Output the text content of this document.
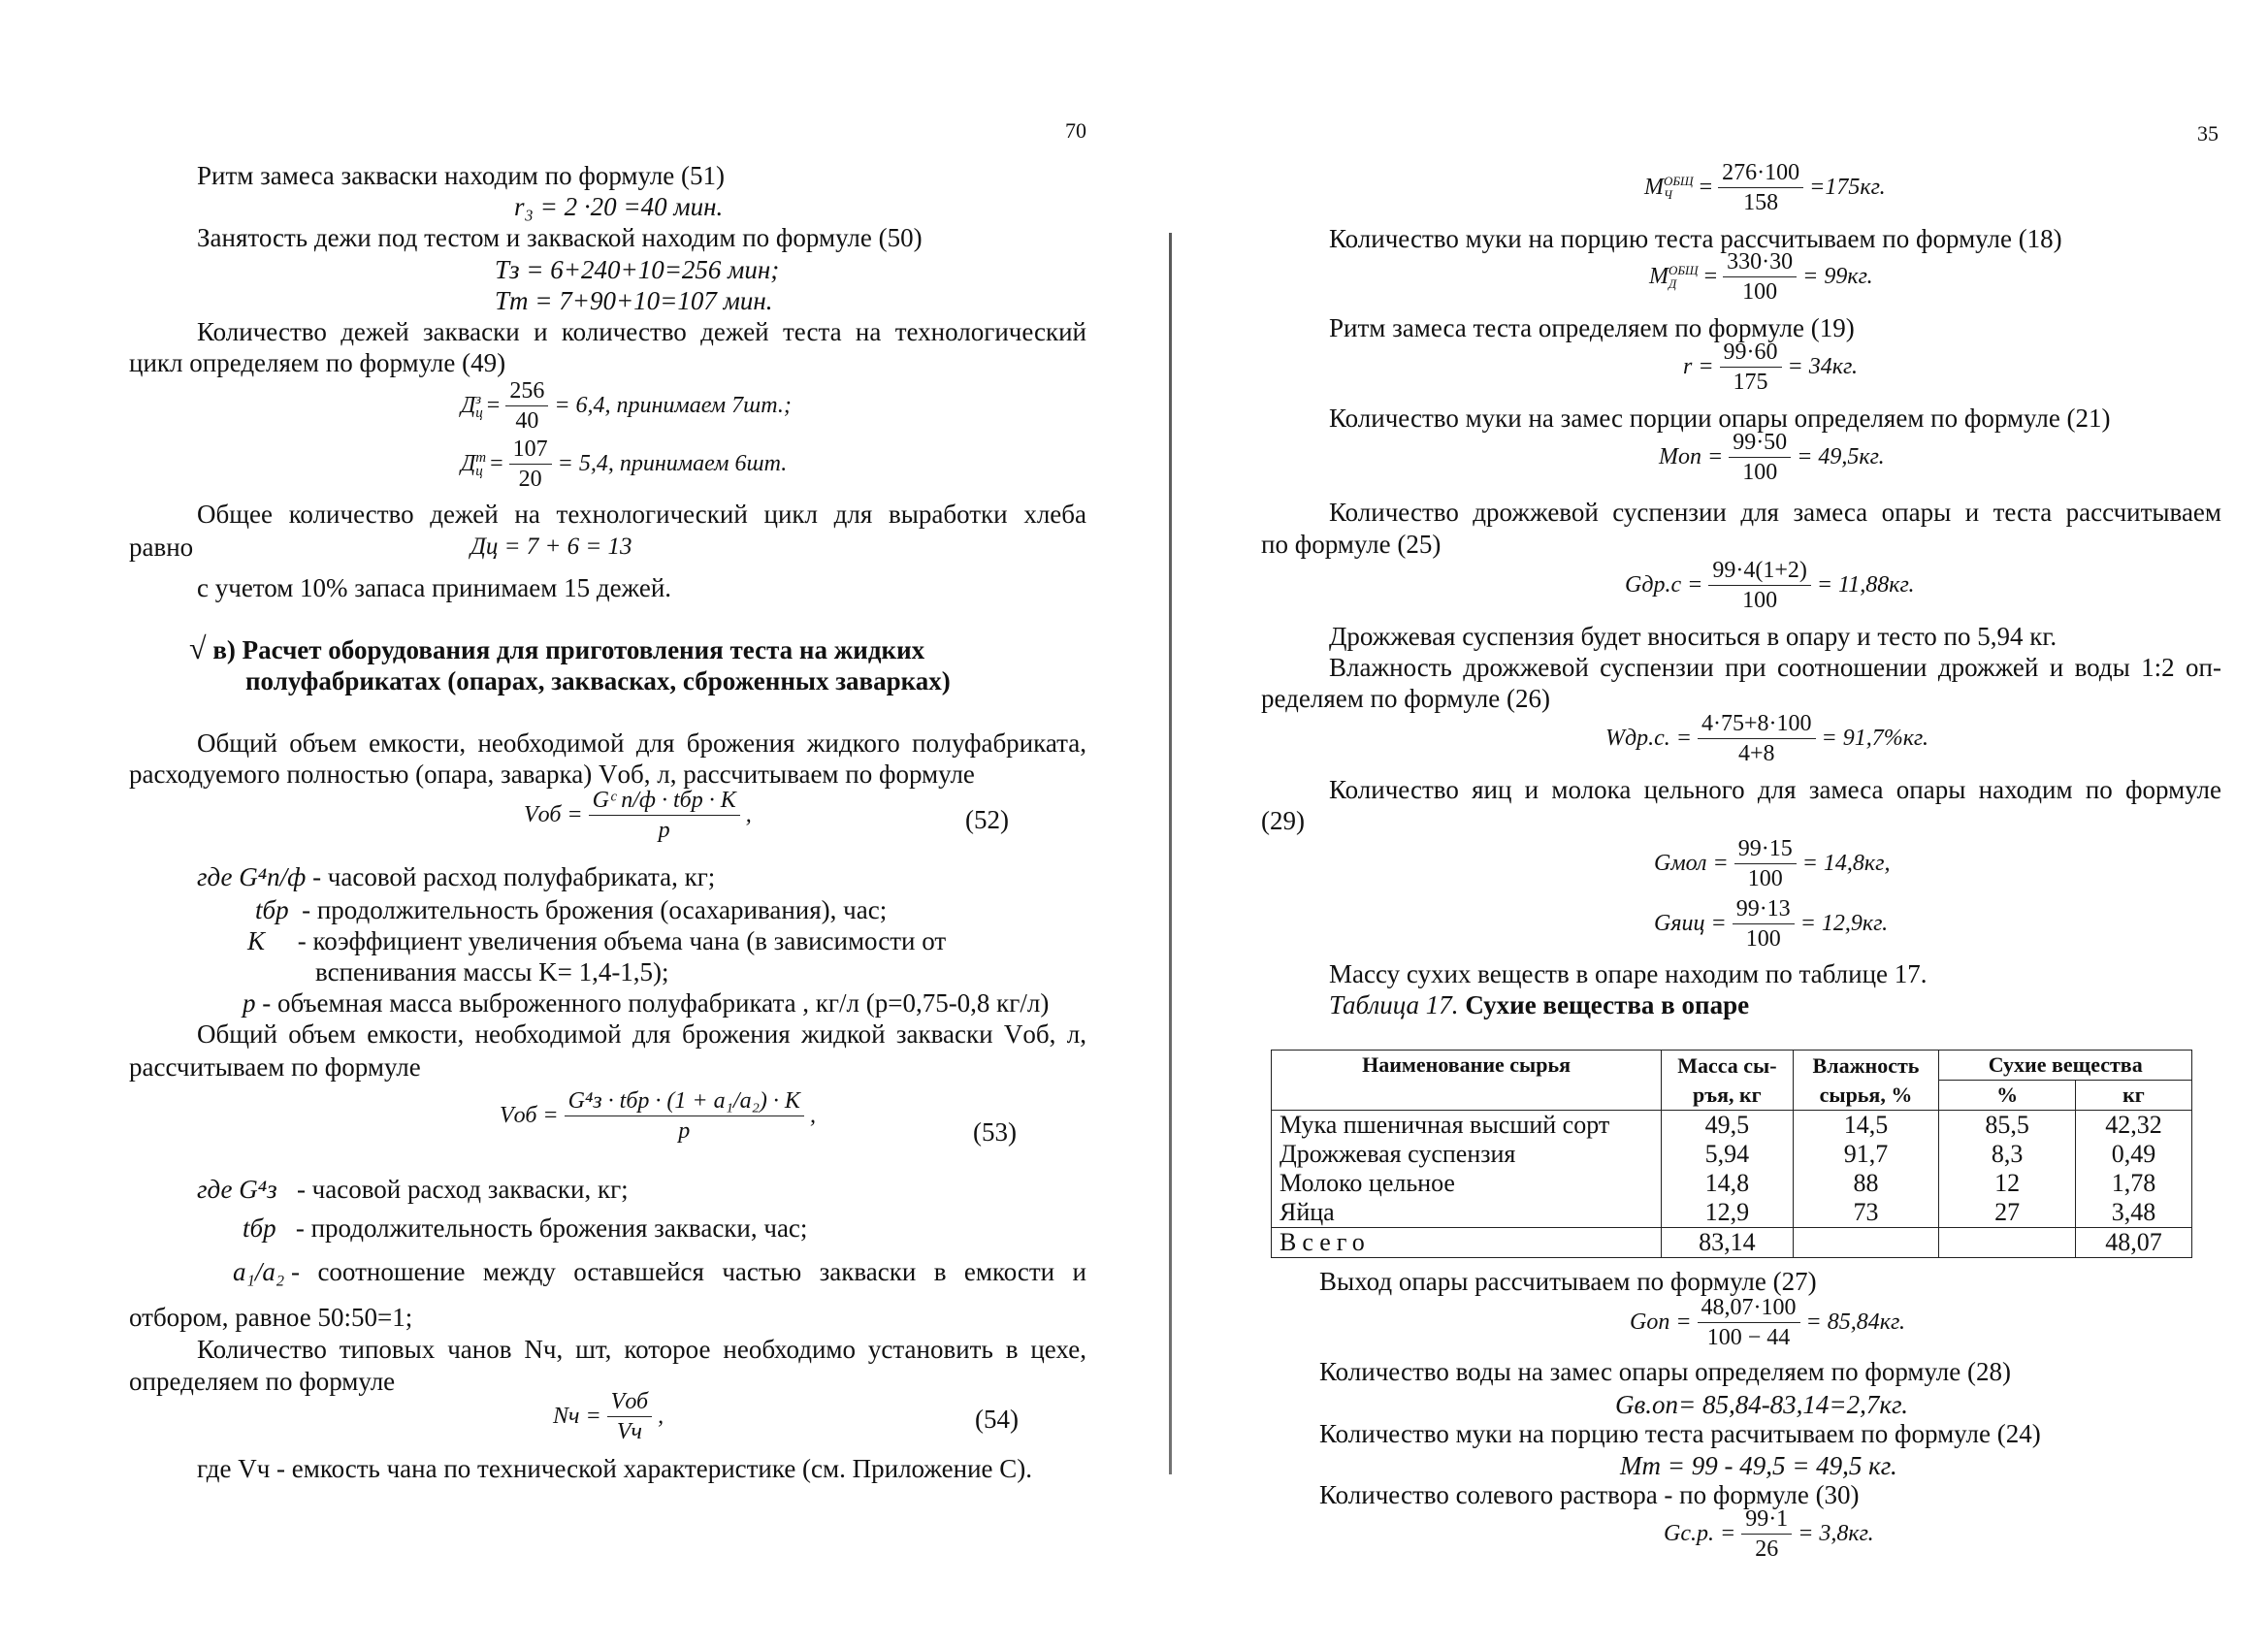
70
Ритм замеса закваски находим по формуле (51)
r₃ = 2 ·20 =40 мин.
Занятость дежи под тестом и закваской находим по формуле (50)
Тз = 6+240+10=256 мин;
Тт = 7+90+10=107 мин.
Количество дежей закваски и количество дежей теста на технологический
цикл определяем по формуле (49)
Д з
$ц = \frac{256}{40} = 6,4$, принимаем 7шт.;
Д т
$ц = \frac{107}{20} = 5,4$, принимаем 6шт.
Общее количество дежей на технологический цикл для выработки хлеба
равно	Дц = 7 + 6 = 13
с учетом 10% запаса принимаем 15 дежей.
√ в) Расчет оборудования для приготовления теста на жидких
полуфабрикатах (опарах, заквасках, сброженных заварках)
Общий объем емкости, необходимой для брожения жидкого полуфабриката,
расходуемого полностью (опара, заварка) Vоб, л, рассчитываем по формуле
Vоб = $\frac{\text{Gᶜ п/ф · tбр · K}}{p}$ ,	(52)
где G⁴п/ф - часовой расход полуфабриката, кг;
tбр - продолжительность брожения (осахаривания), час;
K - коэффициент увеличения объема чана (в зависимости от
вспенивания массы K= 1,4-1,5);
p - объемная масса выброженного полуфабриката , кг/л (p=0,75-0,8 кг/л)
Общий объем емкости, необходимой для брожения жидкой закваски Vоб, л,
рассчитываем по формуле
Vоб = $\frac{\text{G⁴з · tбр · (1 + a₁/a₂) · K}}{p}$ ,
(53)
где G⁴з - часовой расход закваски, кг;
tбр - продолжительность брожения закваски, час;
a₁/a₂
- соотношение между оставшейся частью закваски в емкости и
отбором, равное 50:50=1;
Количество типовых чанов Nч, шт, которое необходимо установить в цехе,
определяем по формуле
Nч = $\frac{\text{Vоб}}{Vч}$ ,	(54)
где Vч - емкость чана по технической характеристике (см. Приложение С).
35
M ОБЩ
Ч	= $\frac{276\cdot 100}{158} =175кг$.
Количество муки на порцию теста рассчитываем по формуле (18)
M ОБЩ
Д	= $\frac{330\cdot 30}{100} = 99кг$.
Ритм замеса теста определяем по формуле (19)
$r = \frac{99\cdot 60}{175} = 34кг$.
Количество муки на замес порции опары определяем по формуле (21)
Mоп = $\frac{99\cdot 50}{100} = 49,5кг$.
Количество дрожжевой суспензии для замеса опары и теста рассчитываем
по формуле (25)
$Gдр.с = \frac{99\cdot 4(1+2)}{100} = 11,88кг$.
Дрожжевая суспензия будет вноситься в опару и тесто по 5,94 кг.
Влажность дрожжевой суспензии при соотношении дрожжей и воды 1:2 оп-
ределяем по формуле (26)
Wдр.с. = $\frac{4\cdot 75+8\cdot 100}{4+8} = 91,7\%кг$.
Количество яиц и молока цельного для замеса опары находим по формуле
(29)
Gмол = $\frac{99\cdot 15}{100} = 14,8кг$,
Gяиц = $\frac{99\cdot 13}{100} = 12,9кг$.
Массу сухих веществ в опаре находим по таблице 17.
Таблица 17. Сухие вещества в опаре
Наименование сырья	Масса сы-ръя, кг	Влажность сырья, %	Сухие вещества	
			%	кг
Мука пшеничная высший сорт	49,5	14,5	85,5	42,32
Дрожжевая суспензия	5,94	91,7	8,3	0,49
Молоко цельное	14,8	88	12	1,78
Яйца	12,9	73	27	3,48
Всего	83,14			48,07
Выход опары рассчитываем по формуле (27)
Gоп = $\frac{48,07\cdot 100}{100 - 44} = 85,84кг$.
Количество воды на замес опары определяем по формуле (28)
Gв.оп= 85,84-83,14=2,7кг.
Количество муки на порцию теста расчитываем по формуле (24)
Mт = 99 - 49,5 = 49,5 кг.
Количество солевого раствора - по формуле (30)
Gс.р. = $\frac{99\cdot 1}{26} = 3,8кг$.
